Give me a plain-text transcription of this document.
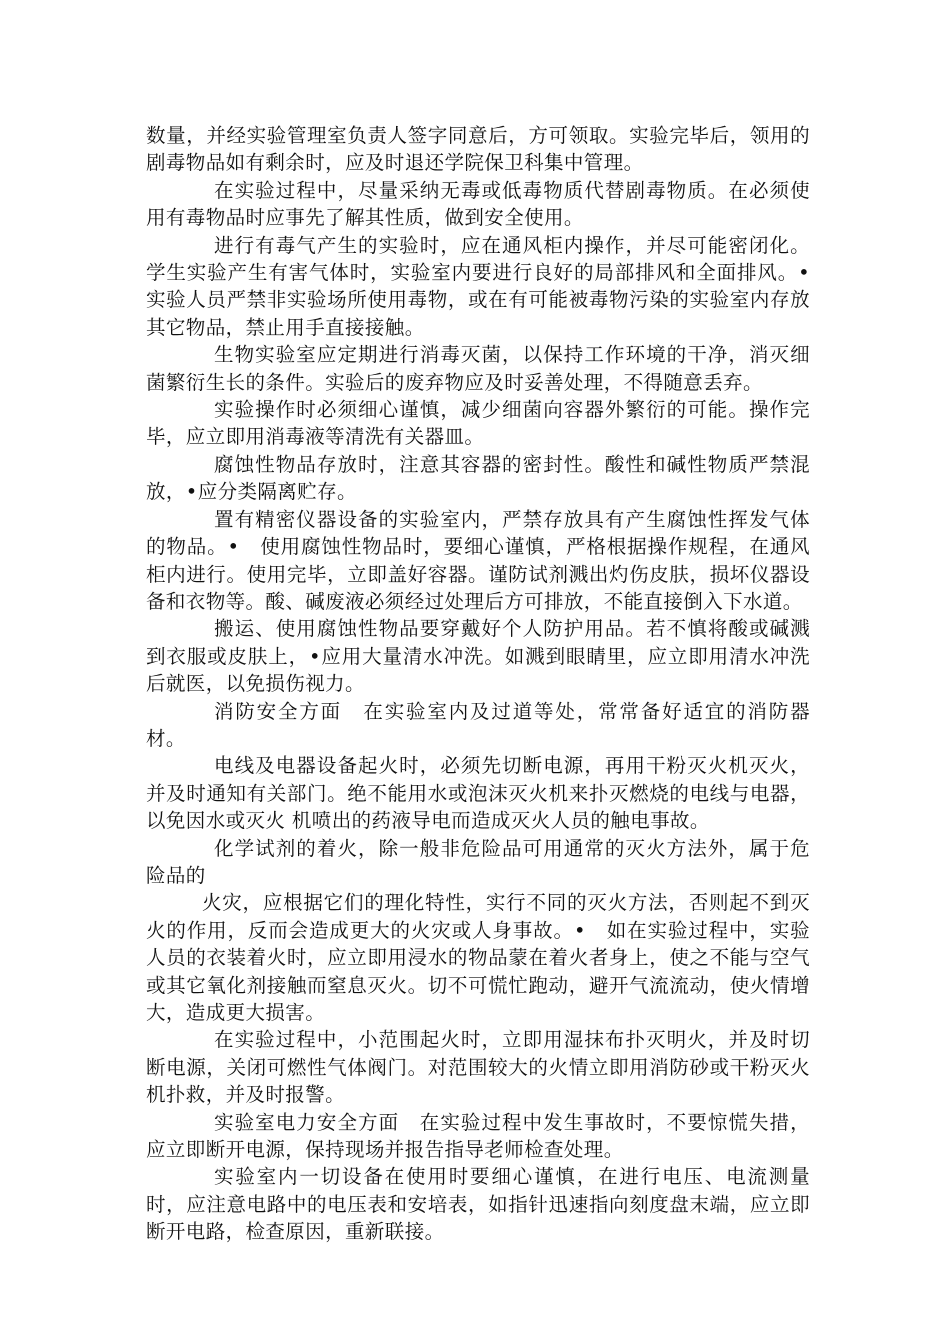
数量，并经实验管理室负责人签字同意后，方可领取。实验完毕后，领用的剧毒物品如有剩余时，应及时退还学院保卫科集中管理。

在实验过程中，尽量采纳无毒或低毒物质代替剧毒物质。在必须使用有毒物品时应事先了解其性质，做到安全使用。

进行有毒气产生的实验时，应在通风柜内操作，并尽可能密闭化。学生实验产生有害气体时，实验室内要进行良好的局部排风和全面排风。•　实验人员严禁非实验场所使用毒物，或在有可能被毒物污染的实验室内存放其它物品，禁止用手直接接触。

生物实验室应定期进行消毒灭菌，以保持工作环境的干净，消灭细菌繁衍生长的条件。实验后的废弃物应及时妥善处理，不得随意丢弃。

实验操作时必须细心谨慎，减少细菌向容器外繁衍的可能。操作完毕，应立即用消毒液等清洗有关器皿。

腐蚀性物品存放时，注意其容器的密封性。酸性和碱性物质严禁混放，•应分类隔离贮存。

置有精密仪器设备的实验室内，严禁存放具有产生腐蚀性挥发气体的物品。•　使用腐蚀性物品时，要细心谨慎，严格根据操作规程，在通风柜内进行。使用完毕，立即盖好容器。谨防试剂溅出灼伤皮肤，损坏仪器设备和衣物等。酸、碱废液必须经过处理后方可排放，不能直接倒入下水道。

搬运、使用腐蚀性物品要穿戴好个人防护用品。若不慎将酸或碱溅到衣服或皮肤上，•应用大量清水冲洗。如溅到眼睛里，应立即用清水冲洗后就医，以免损伤视力。

消防安全方面　在实验室内及过道等处，常常备好适宜的消防器材。

电线及电器设备起火时，必须先切断电源，再用干粉灭火机灭火，并及时通知有关部门。绝不能用水或泡沫灭火机来扑灭燃烧的电线与电器，以免因水或灭火 机喷出的药液导电而造成灭火人员的触电事故。

化学试剂的着火，除一般非危险品可用通常的灭火方法外，属于危险品的

火灾，应根据它们的理化特性，实行不同的灭火方法，否则起不到灭火的作用，反而会造成更大的火灾或人身事故。•　如在实验过程中，实验人员的衣装着火时，应立即用浸水的物品蒙在着火者身上，使之不能与空气或其它氧化剂接触而窒息灭火。切不可慌忙跑动，避开气流流动，使火情增大，造成更大损害。

在实验过程中，小范围起火时，立即用湿抹布扑灭明火，并及时切断电源，关闭可燃性气体阀门。对范围较大的火情立即用消防砂或干粉灭火机扑救，并及时报警。

实验室电力安全方面　在实验过程中发生事故时，不要惊慌失措，应立即断开电源，保持现场并报告指导老师检查处理。

实验室内一切设备在使用时要细心谨慎，在进行电压、电流测量时，应注意电路中的电压表和安培表，如指针迅速指向刻度盘末端，应立即断开电路，检查原因，重新联接。
